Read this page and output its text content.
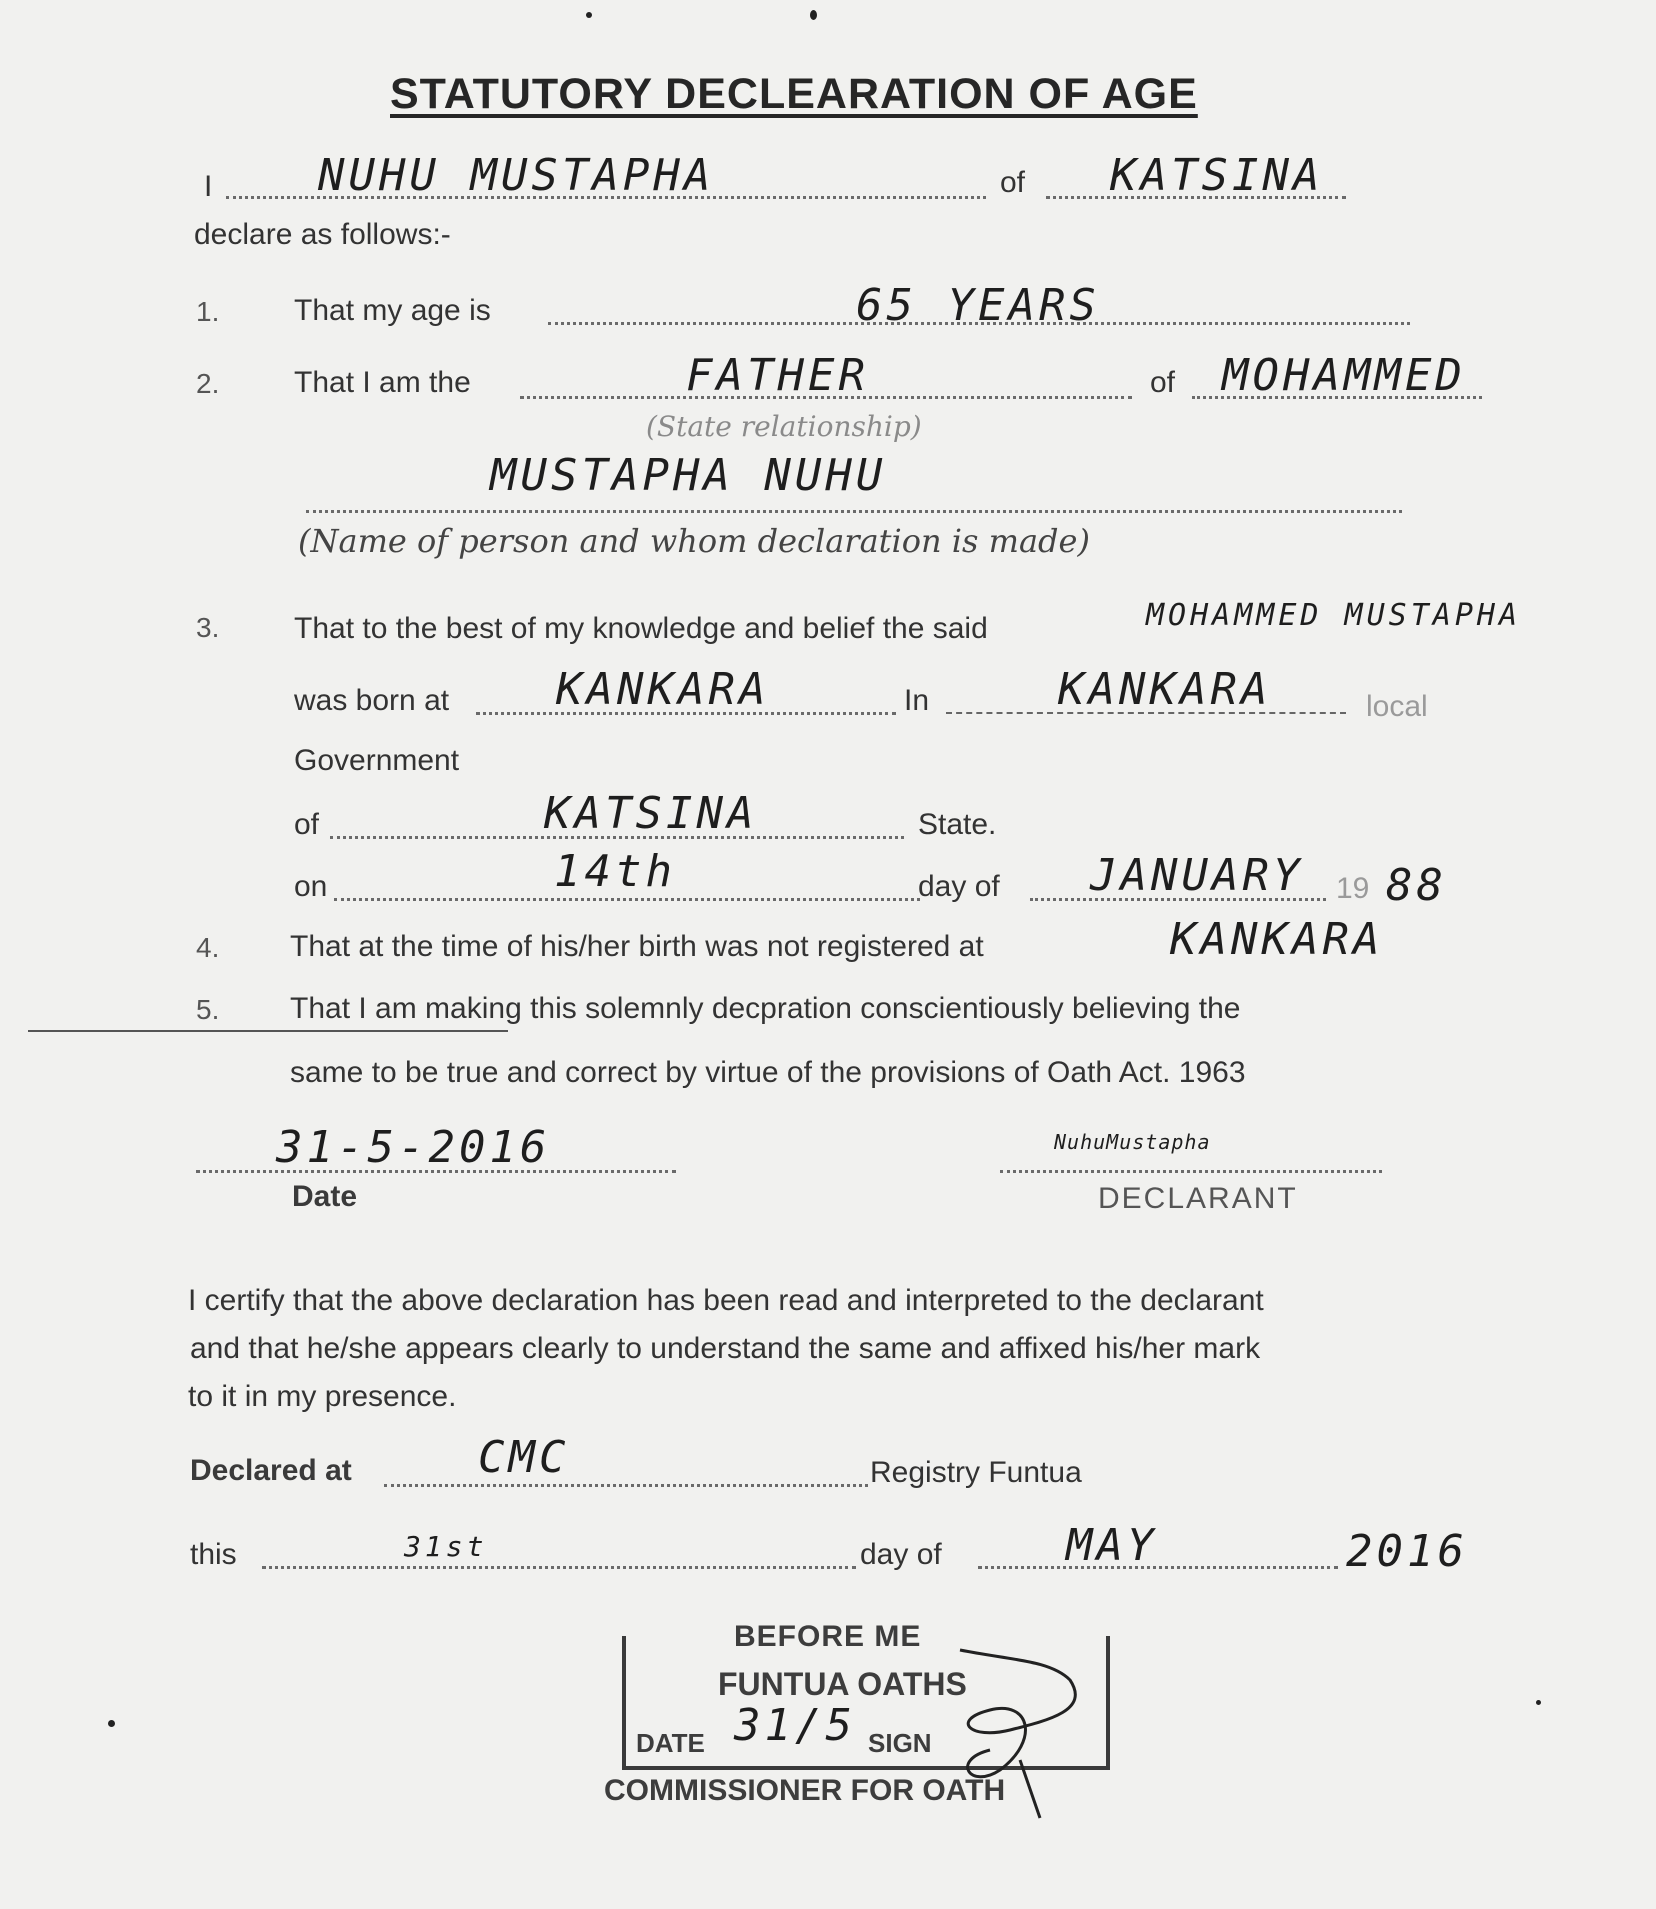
STATUTORY DECLEARATION OF AGE
I NUHU MUSTAPHA	of KATSINA
declare as follows:-
1. That my age is	65 YEARS
2. That I am the	FATHER	of MOHAMMED
(State relationship)
MUSTAPHA NUHU
(Name of person and whom declaration is made)
3. That to the best of my knowledge and belief the said	MOHAMMED MUSTAPHA
was born at KANKARA	In	KANKARA	local
Government
of	KATSINA	State.
on	14th	day of JANUARY 19 88
4. That at the time of his/her birth was not registered at	KANKARA
5. That I am making this solemnly decpration conscientiously believing the
same to be true and correct by virtue of the provisions of Oath Act. 1963
31-5-2016
Date
NuhuMustapha
DECLARANT
I certify that the above declaration has been read and interpreted to the declarant
and that he/she appears clearly to understand the same and affixed his/her mark
to it in my presence.
Declared at	CMC	Registry Funtua
this	31st	day of	MAY	2016
BEFORE ME
FUNTUA OATHS
DATE 31/5 SIGN
COMMISSIONER FOR OATH
